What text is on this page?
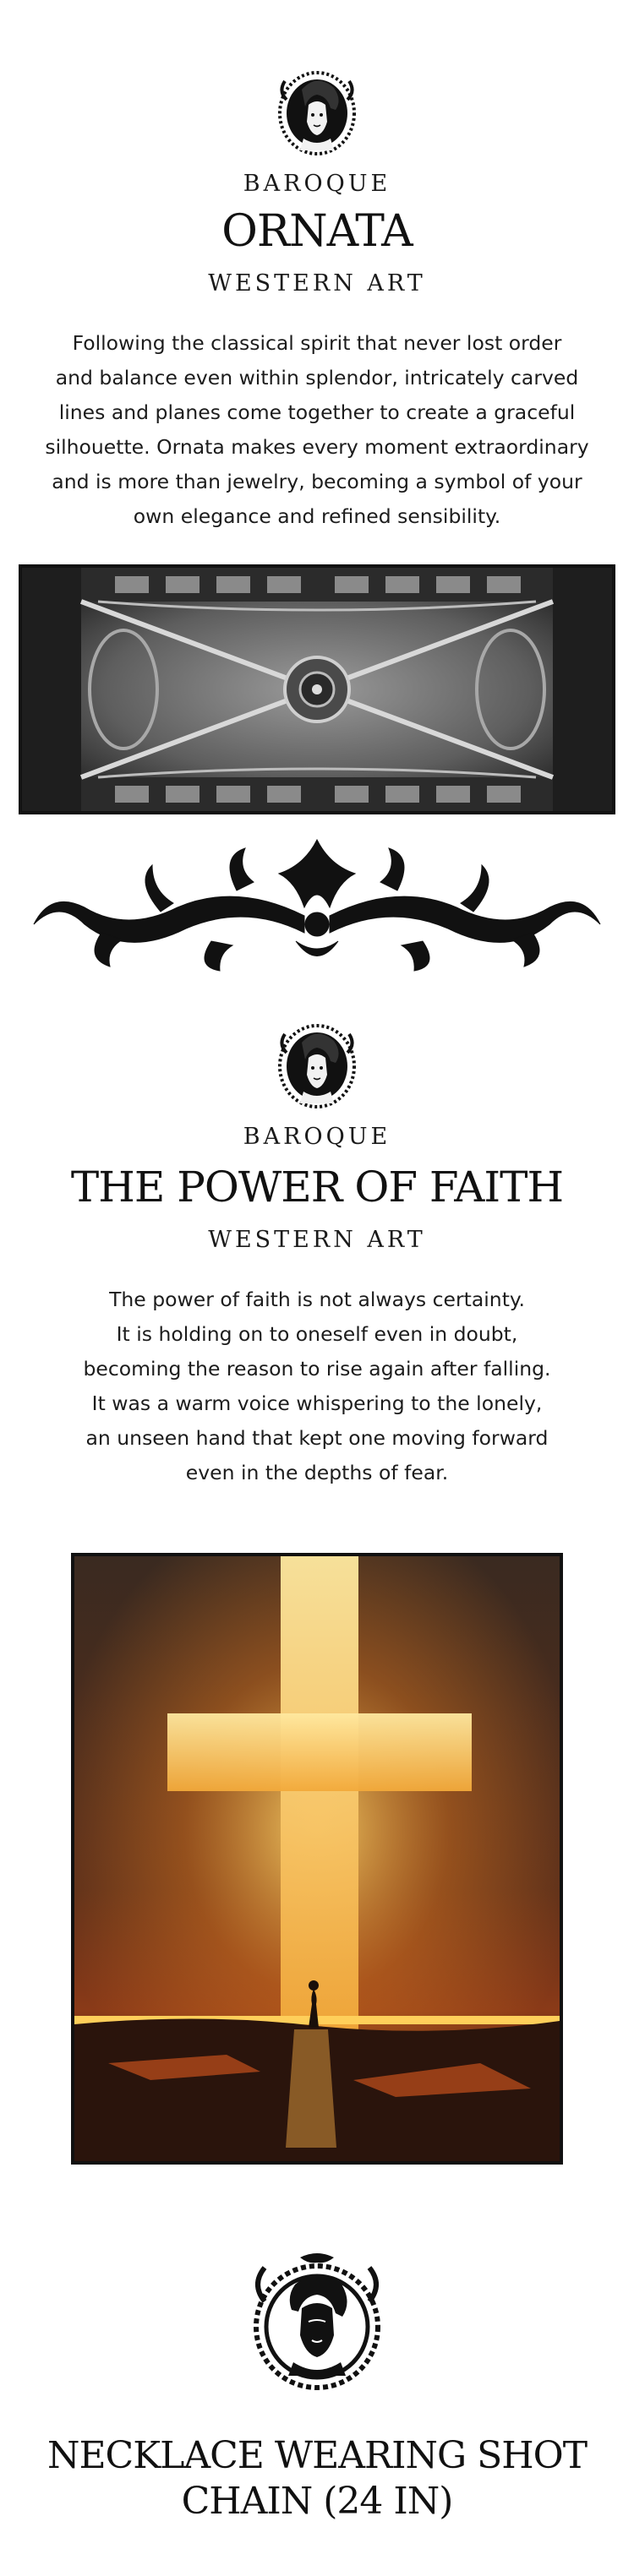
BAROQUE
ORNATA
WESTERN ART
Following the classical spirit that never lost order
and balance even within splendor, intricately carved
lines and planes come together to create a graceful
silhouette. Ornata makes every moment extraordinary
and is more than jewelry, becoming a symbol of your
own elegance and refined sensibility.
BAROQUE
THE POWER OF FAITH
WESTERN ART
The power of faith is not always certainty.
It is holding on to oneself even in doubt,
becoming the reason to rise again after falling.
It was a warm voice whispering to the lonely,
an unseen hand that kept one moving forward
even in the depths of fear.
NECKLACE WEARING SHOT
CHAIN (24 IN)
